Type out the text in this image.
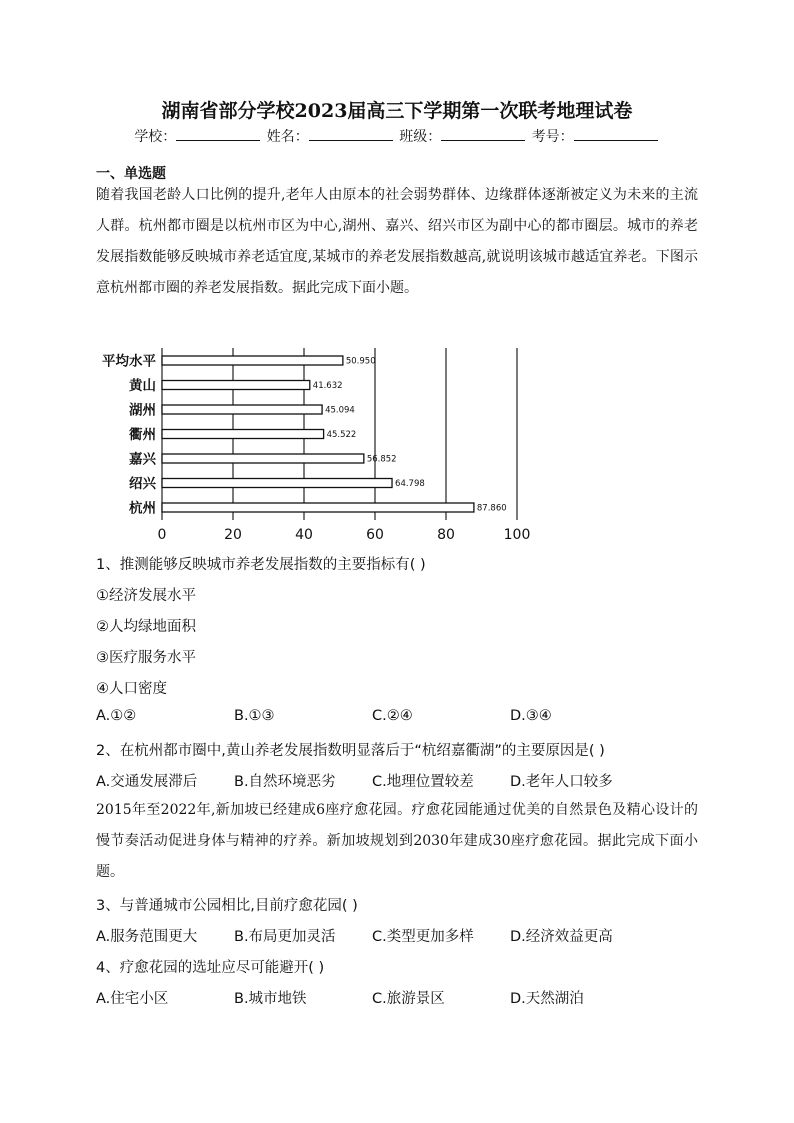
湖南省部分学校2023届高三下学期第一次联考地理试卷
学校：	姓名：	班级：	考号：
一、单选题
随着我国老龄人口比例的提升,老年人由原本的社会弱势群体、边缘群体逐渐被定义为未来的主流人群。杭州都市圈是以杭州市区为中心,湖州、嘉兴、绍兴市区为副中心的都市圈层。城市的养老发展指数能够反映城市养老适宜度,某城市的养老发展指数越高,就说明该城市越适宜养老。下图示意杭州都市圈的养老发展指数。据此完成下面小题。
平均水平
黄山
湖州
衢州
嘉兴
绍兴
杭州
50.950
41.632
45.094
45.522
56.852
64.798
87.860
0	20	40	60	80	100
1、推测能够反映城市养老发展指数的主要指标有( )
①经济发展水平
②人均绿地面积
③医疗服务水平
④人口密度
A.①②	B.①③	C.②④	D.③④
2、在杭州都市圈中,黄山养老发展指数明显落后于“杭绍嘉衢湖”的主要原因是( )
A.交通发展滞后	B.自然环境恶劣	C.地理位置较差	D.老年人口较多
2015年至2022年,新加坡已经建成6座疗愈花园。疗愈花园能通过优美的自然景色及精心设计的慢节奏活动促进身体与精神的疗养。新加坡规划到2030年建成30座疗愈花园。据此完成下面小题。
3、与普通城市公园相比,目前疗愈花园( )
A.服务范围更大	B.布局更加灵活	C.类型更加多样	D.经济效益更高
4、疗愈花园的选址应尽可能避开( )
A.住宅小区	B.城市地铁	C.旅游景区	D.天然湖泊
